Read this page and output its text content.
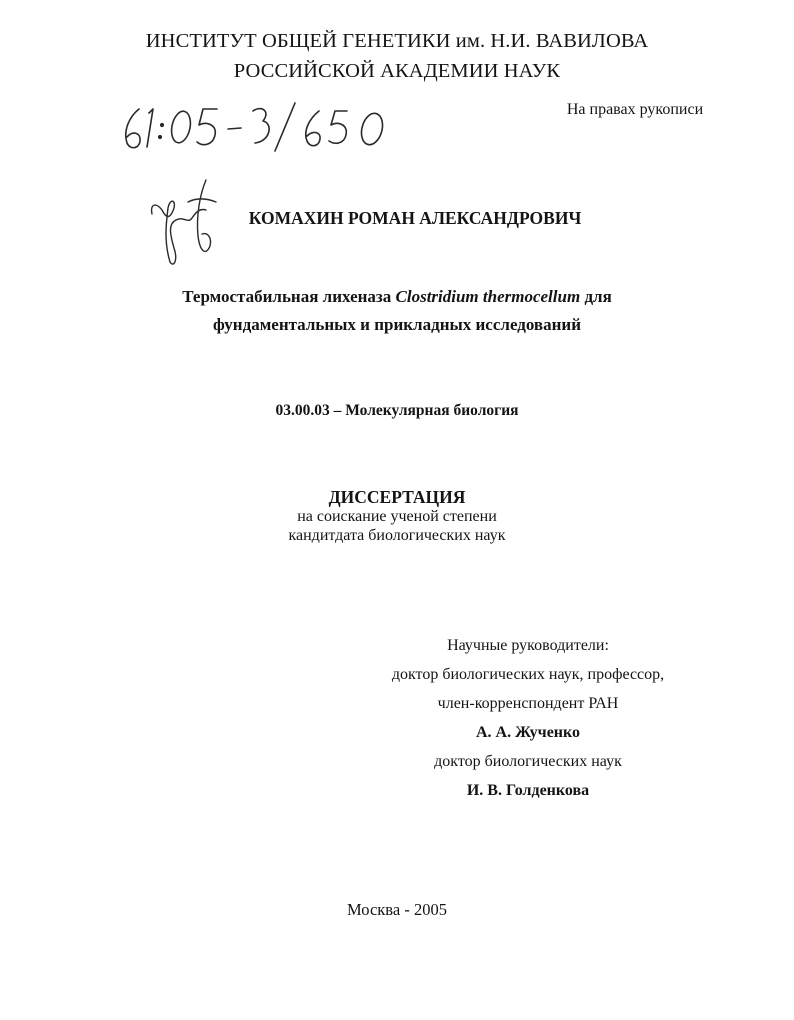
ИНСТИТУТ ОБЩЕЙ ГЕНЕТИКИ им. Н.И. ВАВИЛОВА
РОССИЙСКОЙ АКАДЕМИИ НАУК
На правах рукописи
КОМАХИН РОМАН АЛЕКСАНДРОВИЧ
Термостабильная лихеназа Clostridium thermocellum для
фундаментальных и прикладных исследований
03.00.03 – Молекулярная биология
ДИССЕРТАЦИЯ
на соискание ученой степени
кандитдата биологических наук
Научные руководители:
доктор биологических наук, профессор,
член-корренспондент РАН
А. А. Жученко
доктор биологических наук
И. В. Голденкова
Москва - 2005
